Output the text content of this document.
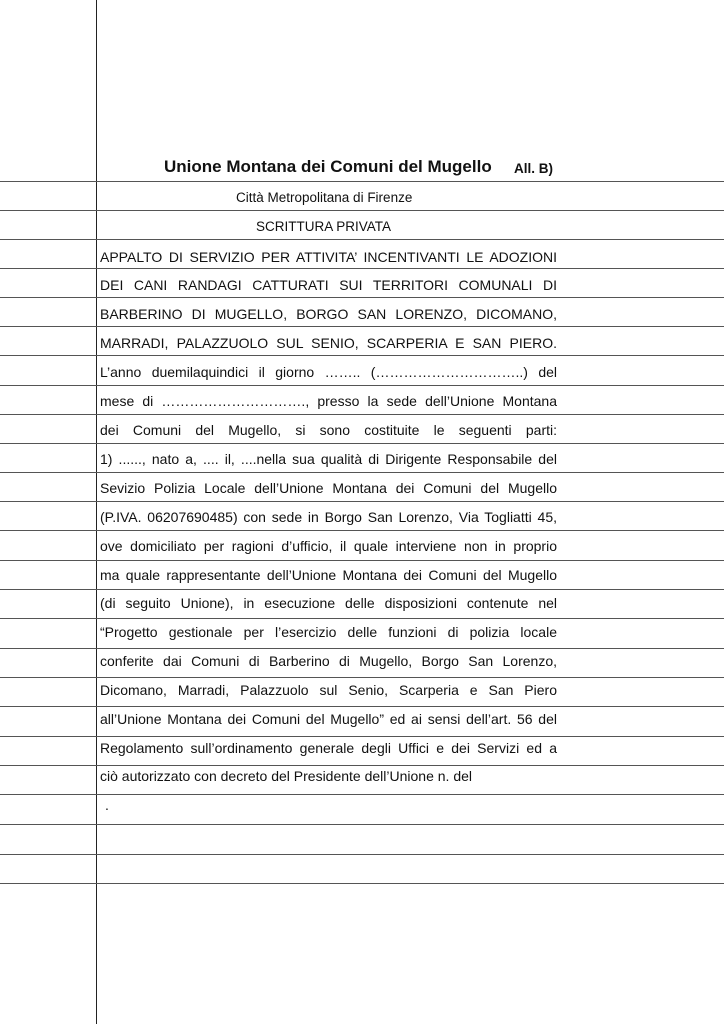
Unione Montana dei Comuni del Mugello All. B)
Città Metropolitana di Firenze
SCRITTURA PRIVATA
APPALTO DI SERVIZIO PER ATTIVITA’ INCENTIVANTI LE ADOZIONI
DEI CANI RANDAGI CATTURATI SUI TERRITORI COMUNALI DI
BARBERINO DI MUGELLO, BORGO SAN LORENZO, DICOMANO,
MARRADI, PALAZZUOLO SUL SENIO, SCARPERIA E SAN PIERO.
L’anno duemilaquindici il giorno …….. (…………………………..) del
mese di …………………………., presso la sede dell’Unione Montana
dei Comuni del Mugello, si sono costituite le seguenti parti:
1) ......, nato a, .... il, ....nella sua qualità di Dirigente Responsabile del
Sevizio Polizia Locale dell’Unione Montana dei Comuni del Mugello
(P.IVA. 06207690485) con sede in Borgo San Lorenzo, Via Togliatti 45,
ove domiciliato per ragioni d’ufficio, il quale interviene non in proprio
ma quale rappresentante dell’Unione Montana dei Comuni del Mugello
(di seguito Unione), in esecuzione delle disposizioni contenute nel
“Progetto gestionale per l’esercizio delle funzioni di polizia locale
conferite dai Comuni di Barberino di Mugello, Borgo San Lorenzo,
Dicomano, Marradi, Palazzuolo sul Senio, Scarperia e San Piero
all’Unione Montana dei Comuni del Mugello” ed ai sensi dell’art. 56 del
Regolamento sull’ordinamento generale degli Uffici e dei Servizi ed a
ciò autorizzato con decreto del Presidente dell’Unione n. del
.
